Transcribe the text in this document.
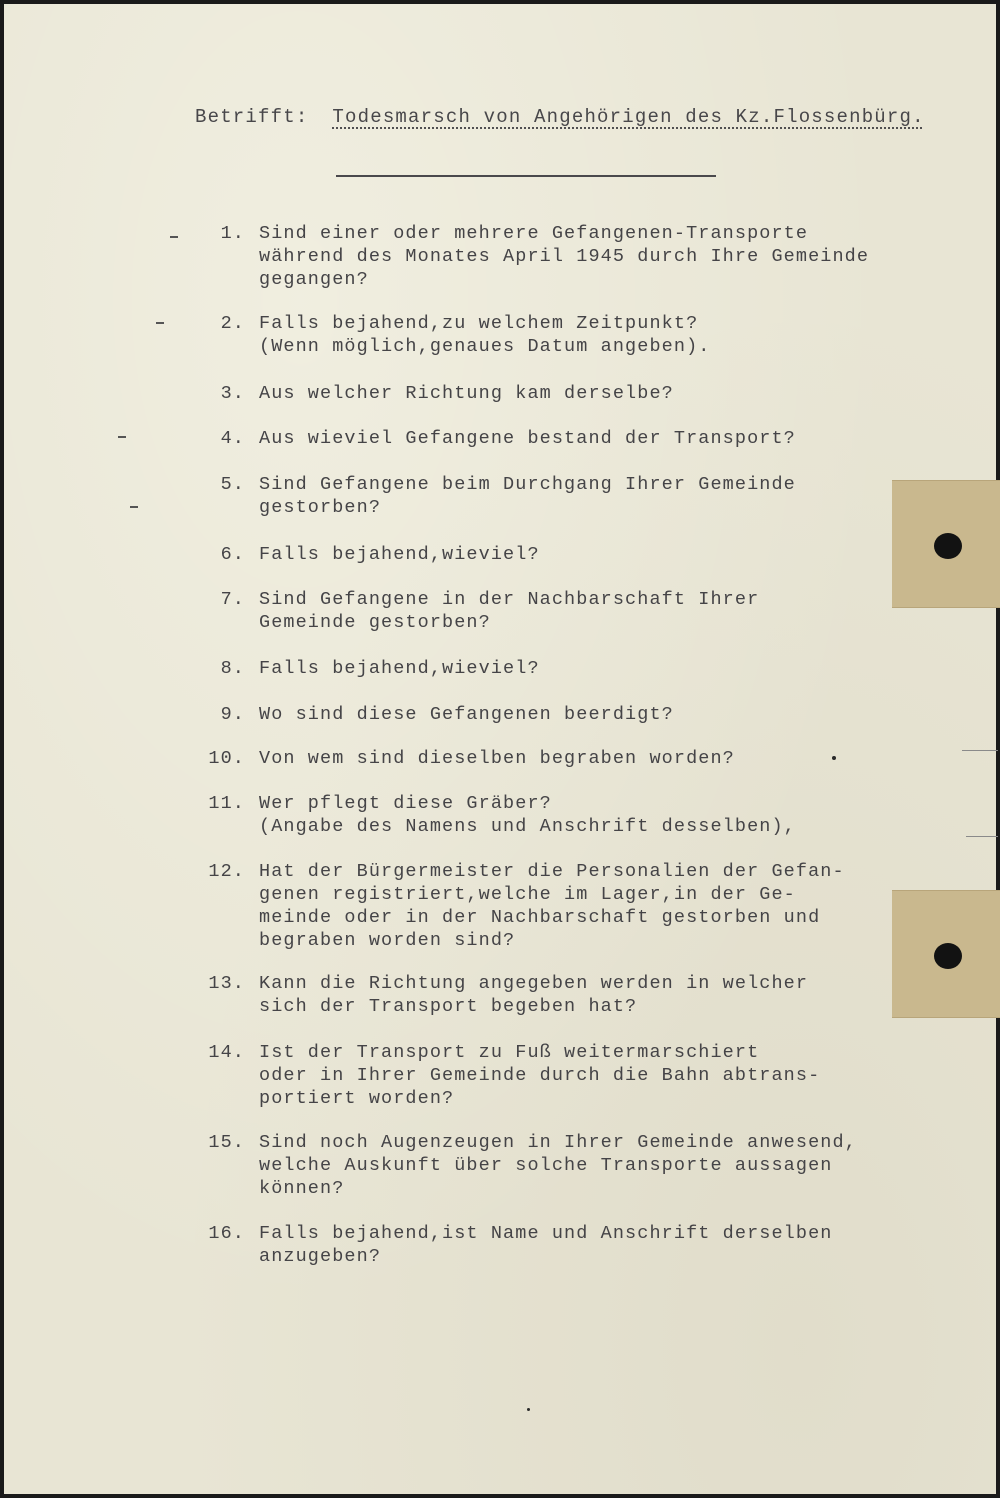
Betrifft: Todesmarsch von Angehörigen des Kz.Flossenbürg.
1. Sind einer oder mehrere Gefangenen-Transporte
während des Monates April 1945 durch Ihre Gemeinde
gegangen?
2. Falls bejahend,zu welchem Zeitpunkt?
(Wenn möglich,genaues Datum angeben).
3. Aus welcher Richtung kam derselbe?
4. Aus wieviel Gefangene bestand der Transport?
5. Sind Gefangene beim Durchgang Ihrer Gemeinde
gestorben?
6. Falls bejahend,wieviel?
7. Sind Gefangene in der Nachbarschaft Ihrer
Gemeinde gestorben?
8. Falls bejahend,wieviel?
9. Wo sind diese Gefangenen beerdigt?
10. Von wem sind dieselben begraben worden?
11. Wer pflegt diese Gräber?
(Angabe des Namens und Anschrift desselben),
12. Hat der Bürgermeister die Personalien der Gefan-
genen registriert,welche im Lager,in der Ge-
meinde oder in der Nachbarschaft gestorben und
begraben worden sind?
13. Kann die Richtung angegeben werden in welcher
sich der Transport begeben hat?
14. Ist der Transport zu Fuß weitermarschiert
oder in Ihrer Gemeinde durch die Bahn abtrans-
portiert worden?
15. Sind noch Augenzeugen in Ihrer Gemeinde anwesend,
welche Auskunft über solche Transporte aussagen
können?
16. Falls bejahend,ist Name und Anschrift derselben
anzugeben?
